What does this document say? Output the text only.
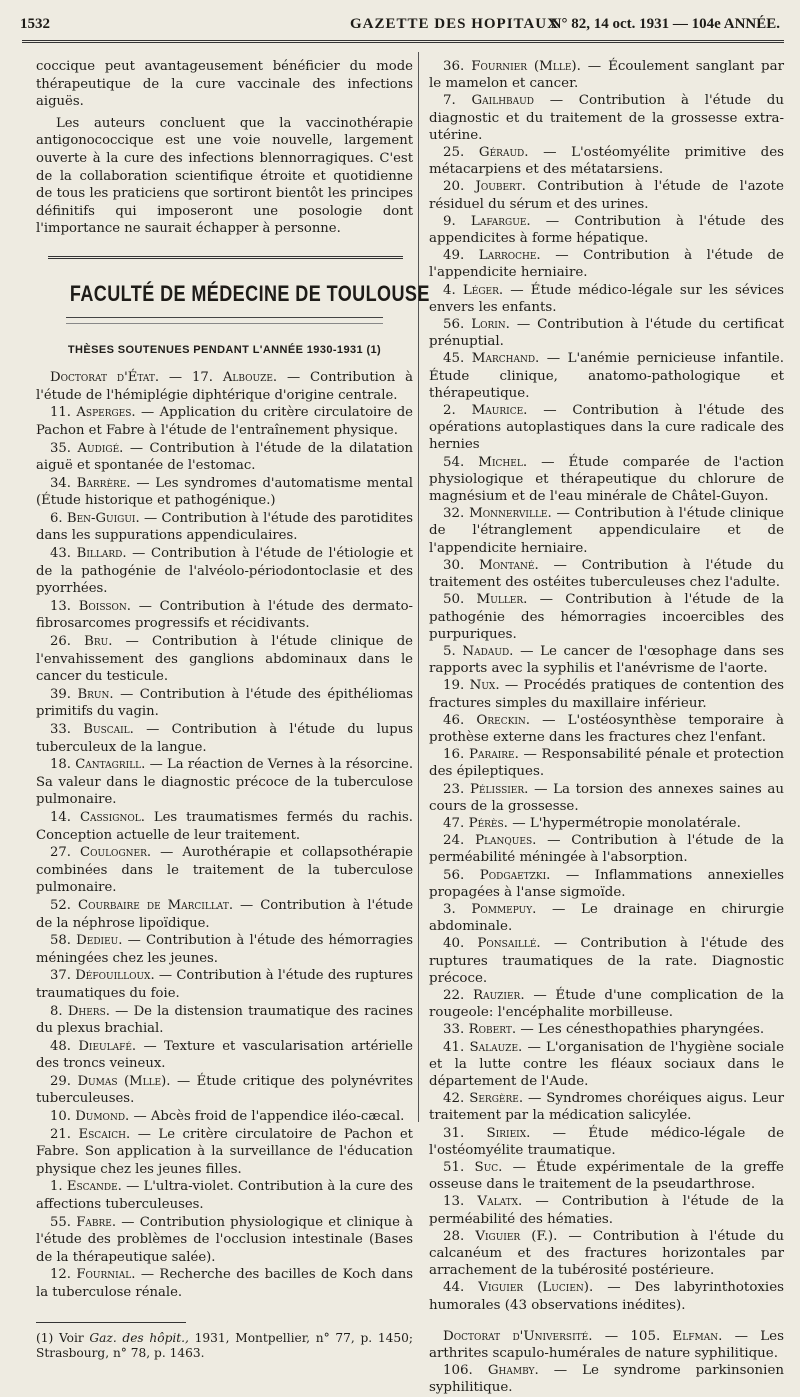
1532	GAZETTE DES HOPITAUX
N° 82, 14 oct. 1931 — 104e ANNÉE.

coccique peut avantageusement bénéficier du mode thérapeutique de la cure vaccinale des infections aiguës.

Les auteurs concluent que la vaccinothérapie antigonococcique est une voie nouvelle, largement ouverte à la cure des infections blennorragiques. C'est de la collaboration scientifique étroite et quotidienne de tous les praticiens que sortiront bientôt les principes définitifs qui imposeront une posologie dont l'importance ne saurait échapper à personne.

FACULTÉ DE MÉDECINE DE TOULOUSE
THÈSES SOUTENUES PENDANT L'ANNÉE 1930-1931 (1)

Doctorat d'État. — 17. Albouze. — Contribution à l'étude de l'hémiplégie diphtérique d'origine centrale.

11. Asperges. — Application du critère circulatoire de Pachon et Fabre à l'étude de l'entraînement physique.

35. Audigé. — Contribution à l'étude de la dilatation aiguë et spontanée de l'estomac.

34. Barrère. — Les syndromes d'automatisme mental (Étude historique et pathogénique.)

6. Ben-Guigui. — Contribution à l'étude des parotidites dans les suppurations appendiculaires.

43. Billard. — Contribution à l'étude de l'étiologie et de la pathogénie de l'alvéolo-périodontoclasie et des pyorrhées.

13. Boisson. — Contribution à l'étude des dermato-fibrosarcomes progressifs et récidivants.

26. Bru. — Contribution à l'étude clinique de l'envahissement des ganglions abdominaux dans le cancer du testicule.

39. Brun. — Contribution à l'étude des épithéliomas primitifs du vagin.

33. Buscail. — Contribution à l'étude du lupus tuberculeux de la langue.

18. Cantagrill. — La réaction de Vernes à la résorcine. Sa valeur dans le diagnostic précoce de la tuberculose pulmonaire.

14. Cassignol. Les traumatismes fermés du rachis. Conception actuelle de leur traitement.

27. Coulogner. — Aurothérapie et collapsothérapie combinées dans le traitement de la tuberculose pulmonaire.

52. Courbaire de Marcillat. — Contribution à l'étude de la néphrose lipoïdique.

58. Dedieu. — Contribution à l'étude des hémorragies méningées chez les jeunes.

37. Défouilloux. — Contribution à l'étude des ruptures traumatiques du foie.

8. Dhers. — De la distension traumatique des racines du plexus brachial.

48. Dieulafé. — Texture et vascularisation artérielle des troncs veineux.

29. Dumas (Mlle). — Étude critique des polynévrites tuberculeuses.

10. Dumond. — Abcès froid de l'appendice iléo-cæcal.

21. Escaich. — Le critère circulatoire de Pachon et Fabre. Son application à la surveillance de l'éducation physique chez les jeunes filles.

1. Escande. — L'ultra-violet. Contribution à la cure des affections tuberculeuses.

55. Fabre. — Contribution physiologique et clinique à l'étude des problèmes de l'occlusion intestinale (Bases de la thérapeutique salée).

12. Fournial. — Recherche des bacilles de Koch dans la tuberculose rénale.

(1) Voir Gaz. des hôpit., 1931, Montpellier, n° 77, p. 1450; Strasbourg, n° 78, p. 1463.

36. Fournier (Mlle). — Écoulement sanglant par le mamelon et cancer.

7. Gailhbaud — Contribution à l'étude du diagnostic et du traitement de la grossesse extra-utérine.

25. Géraud. — L'ostéomyélite primitive des métacarpiens et des métatarsiens.

20. Joubert. Contribution à l'étude de l'azote résiduel du sérum et des urines.

9. Lafargue. — Contribution à l'étude des appendicites à forme hépatique.

49. Larroche. — Contribution à l'étude de l'appendicite herniaire.

4. Léger. — Étude médico-légale sur les sévices envers les enfants.

56. Lorin. — Contribution à l'étude du certificat prénuptial.

45. Marchand. — L'anémie pernicieuse infantile. Étude clinique, anatomo-pathologique et thérapeutique.

2. Maurice. — Contribution à l'étude des opérations autoplastiques dans la cure radicale des hernies

54. Michel. — Étude comparée de l'action physiologique et thérapeutique du chlorure de magnésium et de l'eau minérale de Châtel-Guyon.

32. Monnerville. — Contribution à l'étude clinique de l'étranglement appendiculaire et de l'appendicite herniaire.

30. Montané. — Contribution à l'étude du traitement des ostéites tuberculeuses chez l'adulte.

50. Muller. — Contribution à l'étude de la pathogénie des hémorragies incoercibles des purpuriques.

5. Nadaud. — Le cancer de l'œsophage dans ses rapports avec la syphilis et l'anévrisme de l'aorte.

19. Nux. — Procédés pratiques de contention des fractures simples du maxillaire inférieur.

46. Oreckin. — L'ostéosynthèse temporaire à prothèse externe dans les fractures chez l'enfant.

16. Paraire. — Responsabilité pénale et protection des épileptiques.

23. Pélissier. — La torsion des annexes saines au cours de la grossesse.

47. Pérès. — L'hypermétropie monolatérale.

24. Planques. — Contribution à l'étude de la perméabilité méningée à l'absorption.

56. Podgaetzki. — Inflammations annexielles propagées à l'anse sigmoïde.

3. Pommepuy. — Le drainage en chirurgie abdominale.

40. Ponsaillé. — Contribution à l'étude des ruptures traumatiques de la rate. Diagnostic précoce.

22. Rauzier. — Étude d'une complication de la rougeole: l'encéphalite morbilleuse.

33. Robert. — Les cénesthopathies pharyngées.

41. Salauze. — L'organisation de l'hygiène sociale et la lutte contre les fléaux sociaux dans le département de l'Aude.

42. Sergère. — Syndromes choréiques aigus. Leur traitement par la médication salicylée.

31. Sirieix. — Étude médico-légale de l'ostéomyélite traumatique.

51. Suc. — Étude expérimentale de la greffe osseuse dans le traitement de la pseudarthrose.

13. Valatx. — Contribution à l'étude de la perméabilité des hématies.

28. Viguier (F.). — Contribution à l'étude du calcanéum et des fractures horizontales par arrachement de la tubérosité postérieure.

44. Viguier (Lucien). — Des labyrinthotoxies humorales (43 observations inédites).

Doctorat d'Université. — 105. Elfman. — Les arthrites scapulo-humérales de nature syphilitique.

106. Ghamby. — Le syndrome parkinsonien syphilitique.
